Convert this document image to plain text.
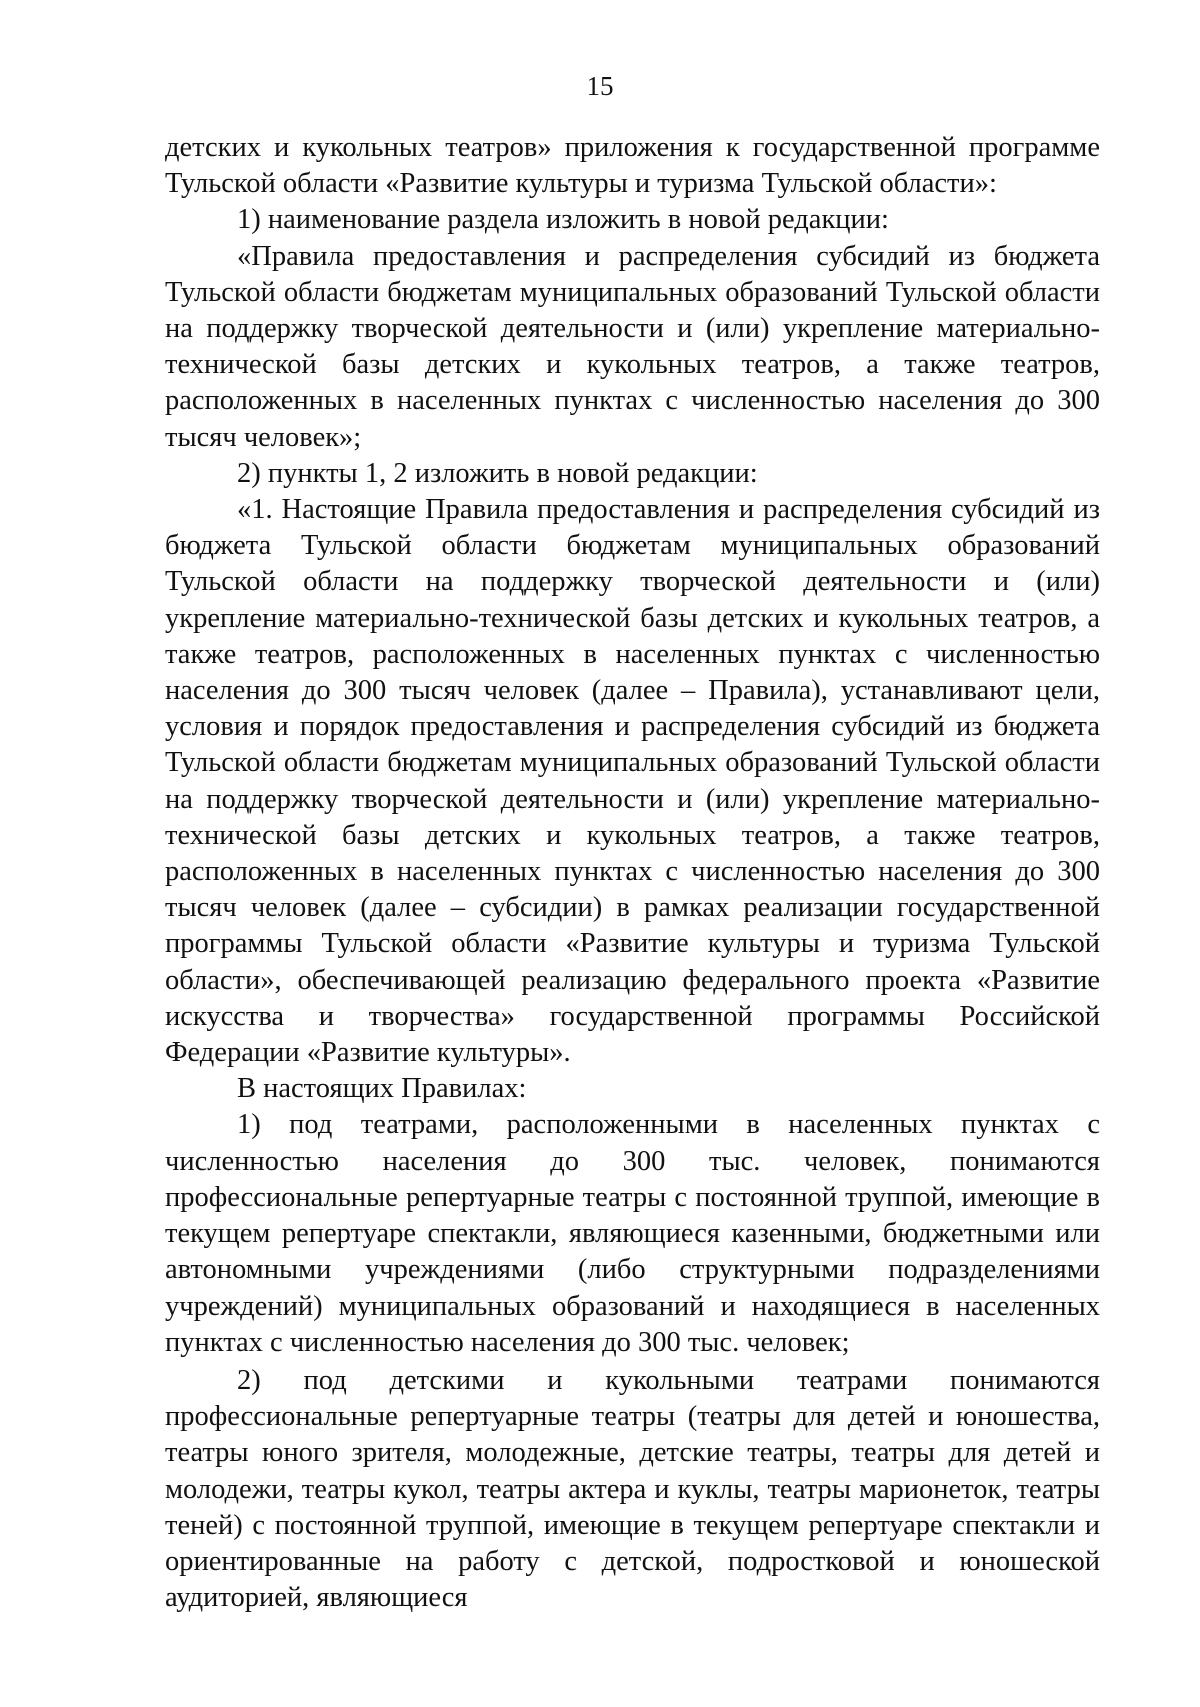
15

детских и кукольных театров» приложения к государственной программе Тульской области «Развитие культуры и туризма Тульской области»:

1) наименование раздела изложить в новой редакции:

«Правила предоставления и распределения субсидий из бюджета Тульской области бюджетам муниципальных образований Тульской области на поддержку творческой деятельности и (или) укрепление материально-технической базы детских и кукольных театров, а также театров, расположенных в населенных пунктах с численностью населения до 300 тысяч человек»;

2) пункты 1, 2 изложить в новой редакции:

«1. Настоящие Правила предоставления и распределения субсидий из бюджета Тульской области бюджетам муниципальных образований Тульской области на поддержку творческой деятельности и (или) укрепление материально-технической базы детских и кукольных театров, а также театров, расположенных в населенных пунктах с численностью населения до 300 тысяч человек (далее – Правила), устанавливают цели, условия и порядок предоставления и распределения субсидий из бюджета Тульской области бюджетам муниципальных образований Тульской области на поддержку творческой деятельности и (или) укрепление материально-технической базы детских и кукольных театров, а также театров, расположенных в населенных пунктах с численностью населения до 300 тысяч человек (далее – субсидии) в рамках реализации государственной программы Тульской области «Развитие культуры и туризма Тульской области», обеспечивающей реализацию федерального проекта «Развитие искусства и творчества» государственной программы Российской Федерации «Развитие культуры».

В настоящих Правилах:

1) под театрами, расположенными в населенных пунктах с численностью населения до 300 тыс. человек, понимаются профессиональные репертуарные театры с постоянной труппой, имеющие в текущем репертуаре спектакли, являющиеся казенными, бюджетными или автономными учреждениями (либо структурными подразделениями учреждений) муниципальных образований и находящиеся в населенных пунктах с численностью населения до 300 тыс. человек;

2) под детскими и кукольными театрами понимаются профессиональные репертуарные театры (театры для детей и юношества, театры юного зрителя, молодежные, детские театры, театры для детей и молодежи, театры кукол, театры актера и куклы, театры марионеток, театры теней) с постоянной труппой, имеющие в текущем репертуаре спектакли и ориентированные на работу с детской, подростковой и юношеской аудиторией, являющиеся
